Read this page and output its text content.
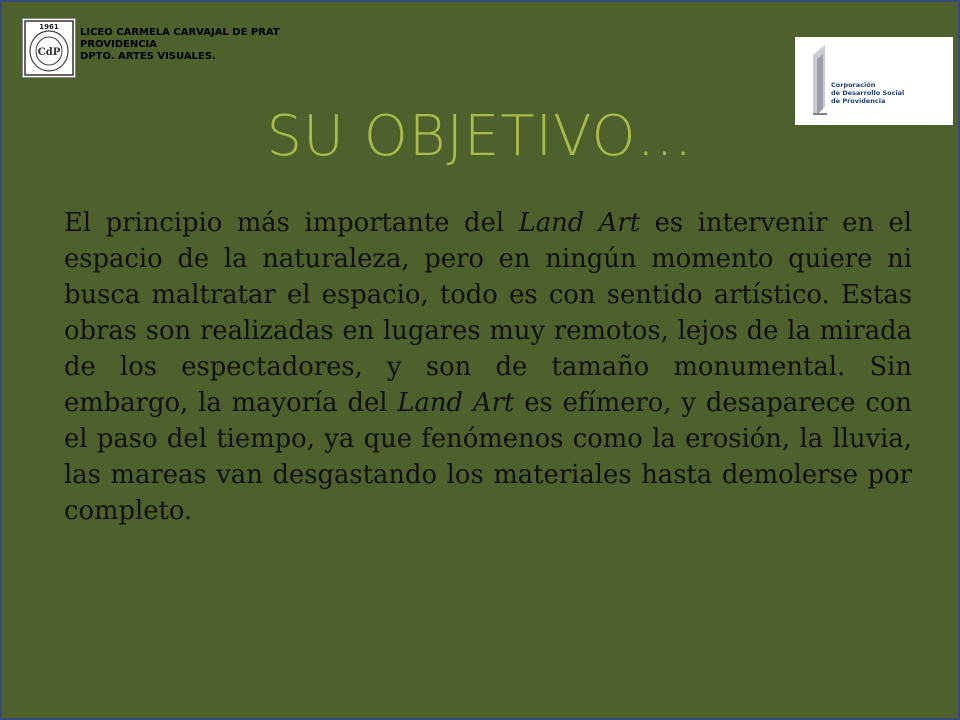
1961
CdP
LICEO CARMELA CARVAJAL DE PRAT
PROVIDENCIA
DPTO. ARTES VISUALES.
Corporación
de Desarrollo Social
de Providencia
SU OBJETIVO…
El principio más importante del Land Art es intervenir en el espacio de la naturaleza, pero en ningún momento quiere ni busca maltratar el espacio, todo es con sentido artístico. Estas obras son realizadas en lugares muy remotos, lejos de la mirada de los espectadores, y son de tamaño monumental. Sin embargo, la mayoría del Land Art es efímero, y desaparece con el paso del tiempo, ya que fenómenos como la erosión, la lluvia, las mareas van desgastando los materiales hasta demolerse por completo.
